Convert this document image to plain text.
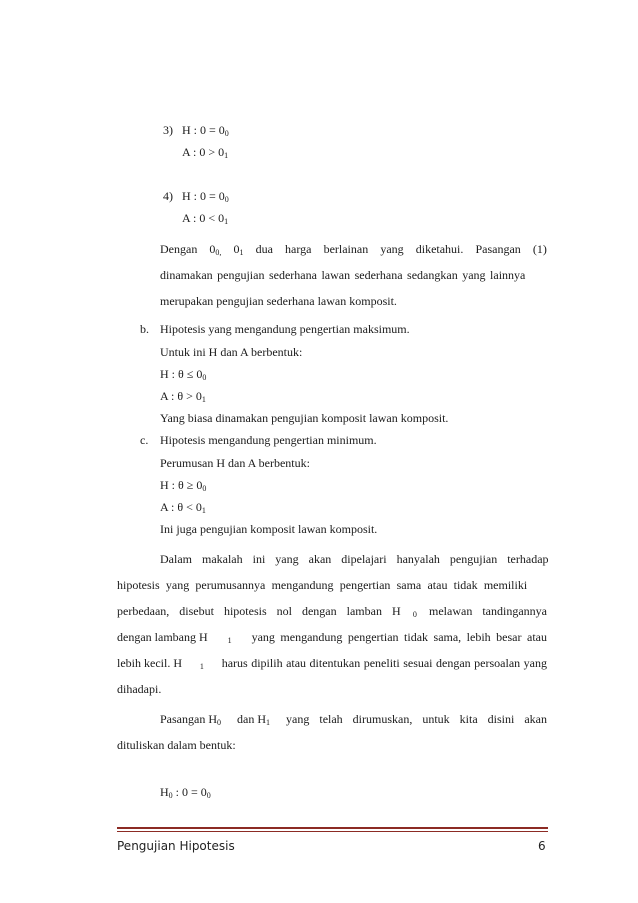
3) H : $0 = 0_0$
A : $0 > 0_1$
4) H : $0 = 0_0$
A : $0 < 0_1$
Dengan $0_{0,}$ $0_1$ dua harga berlainan yang diketahui. Pasangan (1)
dinamakan pengujian sederhana lawan sederhana sedangkan yang lainnya
merupakan pengujian sederhana lawan komposit.
b. Hipotesis yang mengandung pengertian maksimum.
Untuk ini H dan A berbentuk:
H : $\theta \le 0_0$
A : $\theta > 0_1$
Yang biasa dinamakan pengujian komposit lawan komposit.
c. Hipotesis mengandung pengertian minimum.
Perumusan H dan A berbentuk:
H : $\theta \ge 0_0$
A : $\theta < 0_1$
Ini juga pengujian komposit lawan komposit.
Dalam makalah ini yang akan dipelajari hanyalah pengujian terhadap
hipotesis yang perumusannya mengandung pengertian sama atau tidak memiliki
perbedaan, disebut hipotesis nol dengan lamban H $_0$ melawan tandingannya
dengan lambang H $_1$ yang mengandung pengertian tidak sama, lebih besar atau
lebih kecil. H $_1$ harus dipilih atau ditentukan peneliti sesuai dengan persoalan yang
dihadapi.
Pasangan $H_0$ dan $H_1$ yang telah dirumuskan, untuk kita disini akan
dituliskan dalam bentuk:
$H_0$ : $0 = 0_0$
Pengujian Hipotesis	6
